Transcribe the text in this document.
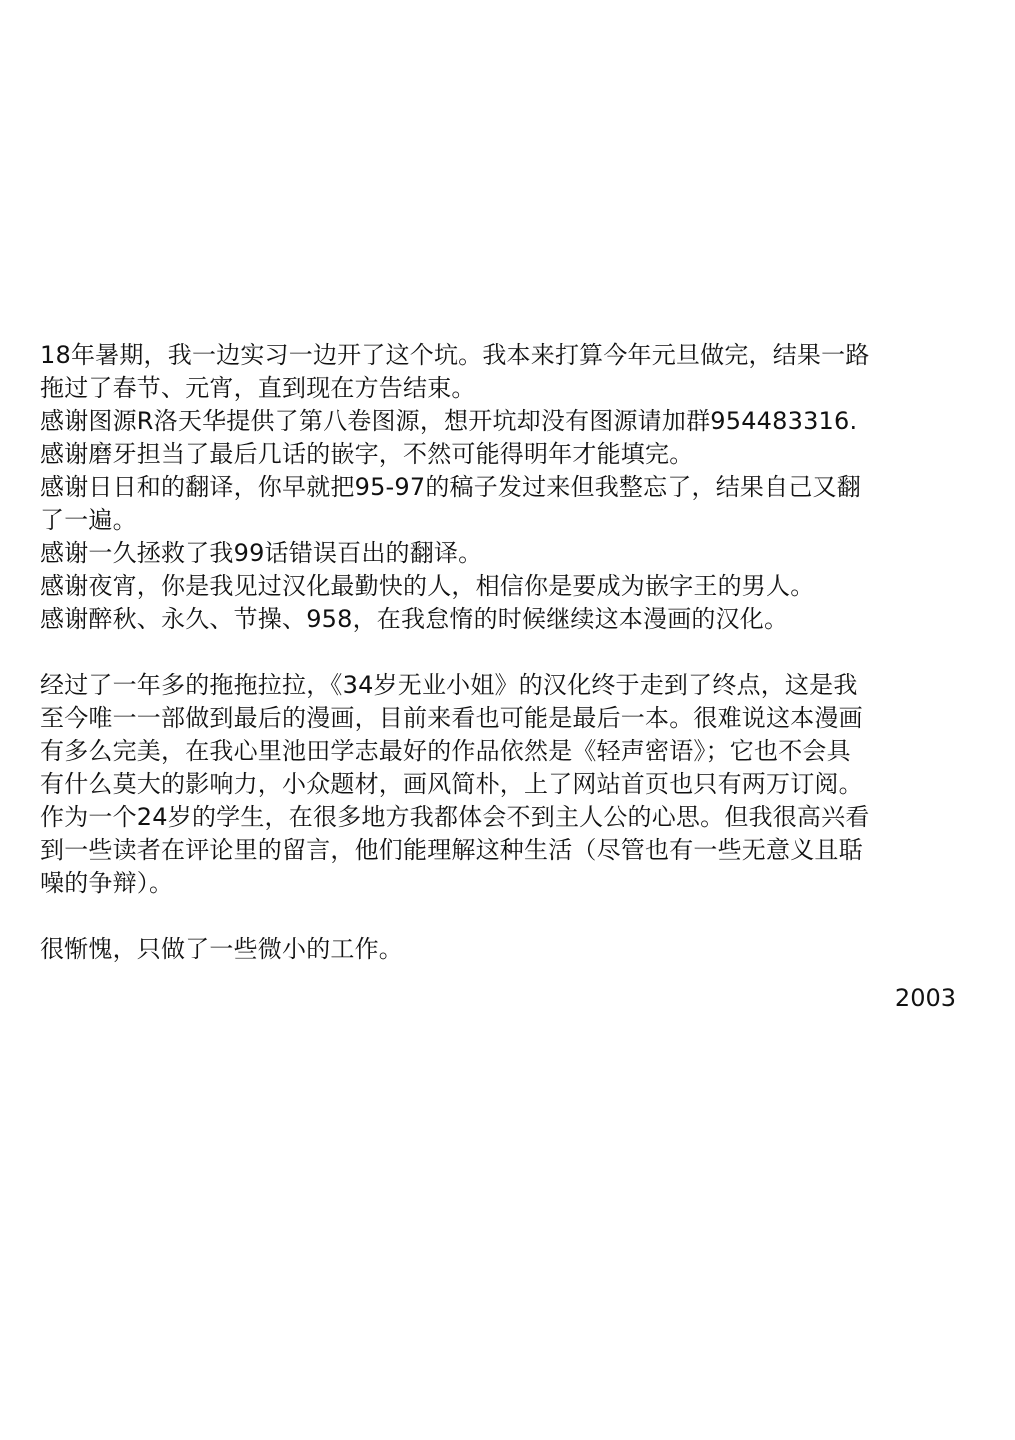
18年暑期，我一边实习一边开了这个坑。我本来打算今年元旦做完，结果一路
拖过了春节、元宵，直到现在方告结束。
感谢图源R洛天华提供了第八卷图源，想开坑却没有图源请加群954483316.
感谢磨牙担当了最后几话的嵌字，不然可能得明年才能填完。
感谢日日和的翻译，你早就把95-97的稿子发过来但我整忘了，结果自己又翻
了一遍。
感谢一久拯救了我99话错误百出的翻译。
感谢夜宵，你是我见过汉化最勤快的人，相信你是要成为嵌字王的男人。
感谢醉秋、永久、节操、958，在我怠惰的时候继续这本漫画的汉化。
经过了一年多的拖拖拉拉，《34岁无业小姐》的汉化终于走到了终点，这是我
至今唯一一部做到最后的漫画，目前来看也可能是最后一本。很难说这本漫画
有多么完美，在我心里池田学志最好的作品依然是《轻声密语》；它也不会具
有什么莫大的影响力，小众题材，画风简朴，上了网站首页也只有两万订阅。
作为一个24岁的学生，在很多地方我都体会不到主人公的心思。但我很高兴看
到一些读者在评论里的留言，他们能理解这种生活（尽管也有一些无意义且聒
噪的争辩）。
很惭愧，只做了一些微小的工作。
2003
